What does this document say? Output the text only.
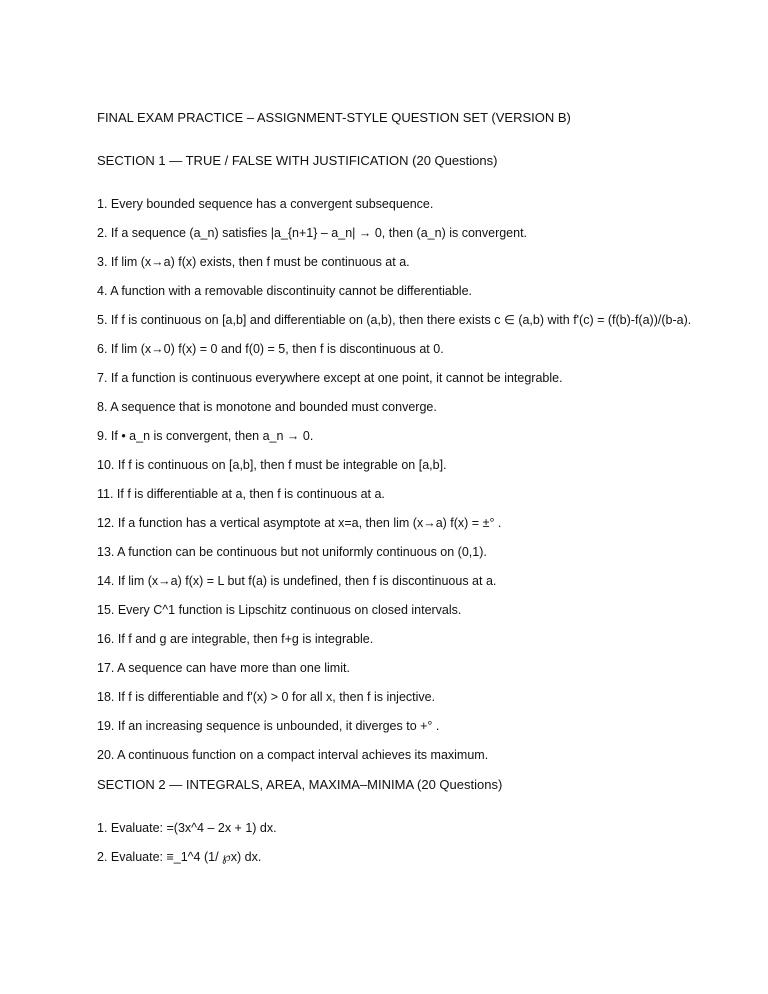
FINAL EXAM PRACTICE – ASSIGNMENT-STYLE QUESTION SET (VERSION B)
SECTION 1 — TRUE / FALSE WITH JUSTIFICATION (20 Questions)
1. Every bounded sequence has a convergent subsequence.
2. If a sequence (a_n) satisfies |a_{n+1} – a_n| → 0, then (a_n) is convergent.
3. If lim (x→a) f(x) exists, then f must be continuous at a.
4. A function with a removable discontinuity cannot be differentiable.
5. If f is continuous on [a,b] and differentiable on (a,b), then there exists c ∈ (a,b) with f'(c) = (f(b)-f(a))/(b-a).
6. If lim (x→0) f(x) = 0 and f(0) = 5, then f is discontinuous at 0.
7. If a function is continuous everywhere except at one point, it cannot be integrable.
8. A sequence that is monotone and bounded must converge.
9. If • a_n is convergent, then a_n → 0.
10. If f is continuous on [a,b], then f must be integrable on [a,b].
11. If f is differentiable at a, then f is continuous at a.
12. If a function has a vertical asymptote at x=a, then lim (x→a) f(x) = ±° .
13. A function can be continuous but not uniformly continuous on (0,1).
14. If lim (x→a) f(x) = L but f(a) is undefined, then f is discontinuous at a.
15. Every C^1 function is Lipschitz continuous on closed intervals.
16. If f and g are integrable, then f+g is integrable.
17. A sequence can have more than one limit.
18. If f is differentiable and f'(x) > 0 for all x, then f is injective.
19. If an increasing sequence is unbounded, it diverges to +° .
20. A continuous function on a compact interval achieves its maximum.
SECTION 2 — INTEGRALS, AREA, MAXIMA–MINIMA (20 Questions)
1. Evaluate: =(3x^4 – 2x + 1) dx.
2. Evaluate: ≡_1^4 (1/ ℘x) dx.
